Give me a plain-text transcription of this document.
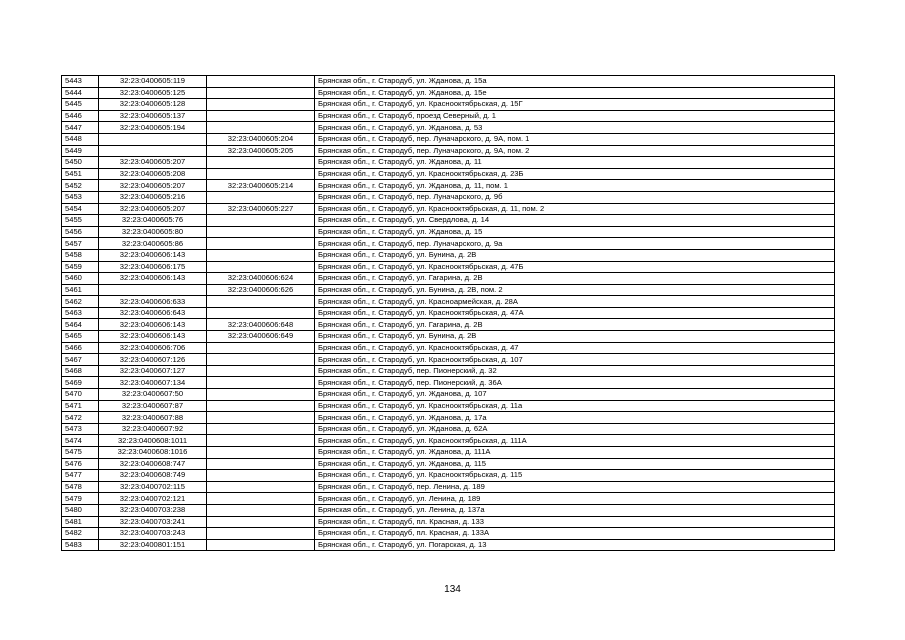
5443	32:23:0400605:119		Брянская обл., г. Стародуб, ул. Жданова, д. 15а
5444	32:23:0400605:125		Брянская обл., г. Стародуб, ул. Жданова, д. 15е
5445	32:23:0400605:128		Брянская обл., г. Стародуб, ул. Краснооктябрьская, д. 15Г
5446	32:23:0400605:137		Брянская обл., г. Стародуб, проезд Северный, д. 1
5447	32:23:0400605:194		Брянская обл., г. Стародуб, ул. Жданова, д. 53
5448		32:23:0400605:204	Брянская обл., г. Стародуб, пер. Луначарского, д. 9А, пом. 1
5449		32:23:0400605:205	Брянская обл., г. Стародуб, пер. Луначарского, д. 9А, пом. 2
5450	32:23:0400605:207		Брянская обл., г. Стародуб, ул. Жданова, д. 11
5451	32:23:0400605:208		Брянская обл., г. Стародуб, ул. Краснооктябрьская, д. 23Б
5452	32:23:0400605:207	32:23:0400605:214	Брянская обл., г. Стародуб, ул. Жданова, д. 11, пом. 1
5453	32:23:0400605:216		Брянская обл., г. Стародуб, пер. Луначарского, д. 9б
5454	32:23:0400605:207	32:23:0400605:227	Брянская обл., г. Стародуб, ул. Краснооктябрьская, д. 11, пом. 2
5455	32:23:0400605:76		Брянская обл., г. Стародуб, ул. Свердлова, д. 14
5456	32:23:0400605:80		Брянская обл., г. Стародуб, ул. Жданова, д. 15
5457	32:23:0400605:86		Брянская обл., г. Стародуб, пер. Луначарского, д. 9а
5458	32:23:0400606:143		Брянская обл., г. Стародуб, ул. Бунина, д. 2В
5459	32:23:0400606:175		Брянская обл., г. Стародуб, ул. Краснооктябрьская, д. 47Б
5460	32:23:0400606:143	32:23:0400606:624	Брянская обл., г. Стародуб, ул. Гагарина, д. 2В
5461		32:23:0400606:626	Брянская обл., г. Стародуб, ул. Бунина, д. 2В, пом. 2
5462	32:23:0400606:633		Брянская обл., г. Стародуб, ул. Красноармейская, д. 28А
5463	32:23:0400606:643		Брянская обл., г. Стародуб, ул. Краснооктябрьская, д. 47А
5464	32:23:0400606:143	32:23:0400606:648	Брянская обл., г. Стародуб, ул. Гагарина, д. 2В
5465	32:23:0400606:143	32:23:0400606:649	Брянская обл., г. Стародуб, ул. Бунина, д. 2В
5466	32:23:0400606:706		Брянская обл., г. Стародуб, ул. Краснооктябрьская, д. 47
5467	32:23:0400607:126		Брянская обл., г. Стародуб, ул. Краснооктябрьская, д. 107
5468	32:23:0400607:127		Брянская обл., г. Стародуб, пер. Пионерский, д. 32
5469	32:23:0400607:134		Брянская обл., г. Стародуб, пер. Пионерский, д. 36А
5470	32:23:0400607:50		Брянская обл., г. Стародуб, ул. Жданова, д. 107
5471	32:23:0400607:87		Брянская обл., г. Стародуб, ул. Краснооктябрьская, д. 11а
5472	32:23:0400607:88		Брянская обл., г. Стародуб, ул. Жданова, д. 17а
5473	32:23:0400607:92		Брянская обл., г. Стародуб, ул. Жданова, д. 62А
5474	32:23:0400608:1011		Брянская обл., г. Стародуб, ул. Краснооктябрьская, д. 111А
5475	32:23:0400608:1016		Брянская обл., г. Стародуб, ул. Жданова, д. 111А
5476	32:23:0400608:747		Брянская обл., г. Стародуб, ул. Жданова, д. 115
5477	32:23:0400608:749		Брянская обл., г. Стародуб, ул. Краснооктябрьская, д. 115
5478	32:23:0400702:115		Брянская обл., г. Стародуб, пер. Ленина, д. 189
5479	32:23:0400702:121		Брянская обл., г. Стародуб, ул. Ленина, д. 189
5480	32:23:0400703:238		Брянская обл., г. Стародуб, ул. Ленина, д. 137а
5481	32:23:0400703:241		Брянская обл., г. Стародуб, пл. Красная, д. 133
5482	32:23:0400703:243		Брянская обл., г. Стародуб, пл. Красная, д. 133А
5483	32:23:0400801:151		Брянская обл., г. Стародуб, ул. Погарская, д. 13
134
